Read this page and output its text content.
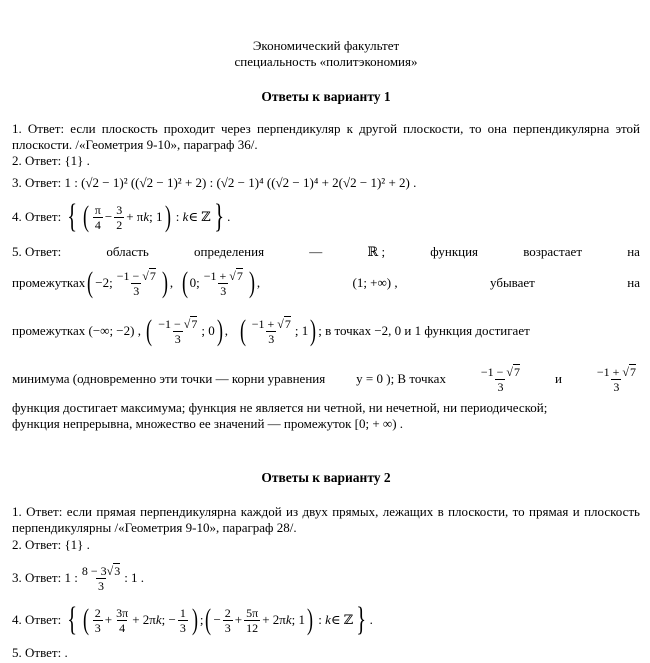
Экономический факультет
специальность «политэкономия»
Ответы к варианту 1
1. Ответ: если плоскость проходит через перпендикуляр к другой плоскости, то она перпендикулярна этой плоскости. /«Геометрия 9-10», параграф 36/.
2. Ответ: {1} .
3. Ответ:
1 : (√2 − 1)² ((√2 − 1)² + 2) : (√2 − 1)⁴ ((√2 − 1)⁴ + 2(√2 − 1)² + 2) .
4. Ответ:
{ ( $\frac{\pi}{4} - \frac{3}{2} + \pi$ k ; 1 ) : k ∈ ℤ } .
5. Ответ:	область	определения	—	ℝ ;	функция	возрастает	на
промежутках ( −2; $\frac{-1 - √7}{3}$ ) , ( 0; $\frac{-1 + √7}{3}$ ) ,	(1; +∞) ,	убывает	на
промежутках
(−∞; −2) ,
( $\frac{-1 - √7}{3}$ ; 0 ) , ( $\frac{-1 + √7}{3}$ ; 1 ) ; в точках −2, 0 и 1 функция достигает
минимума (одновременно эти точки — корни уравнения y = 0 ); В точках	$\frac{-1 - √7}{3}$	и	$\frac{-1 + √7}{3}$
функция достигает максимума; функция не является ни четной, ни нечетной, ни периодической;
функция непрерывна, множество ее значений — промежуток [0; + ∞) .
Ответы к варианту 2
1. Ответ: если прямая перпендикулярна каждой из двух прямых, лежащих в плоскости, то прямая и плоскость перпендикулярны /«Геометрия 9-10», параграф 28/.
2. Ответ: {1} .
3. Ответ:
1 : $\frac{8 - 3√3}{3}$ : 1 .
4. Ответ:
{ ( $\frac{2}{3} + \frac{3\pi}{4} + 2\pi$ k ; − $\frac{1}{3}$ ) ; ( − $\frac{2}{3} + \frac{5\pi}{12} + 2\pi$ k ; 1 ) : k ∈ ℤ } .
5. Ответ: .
